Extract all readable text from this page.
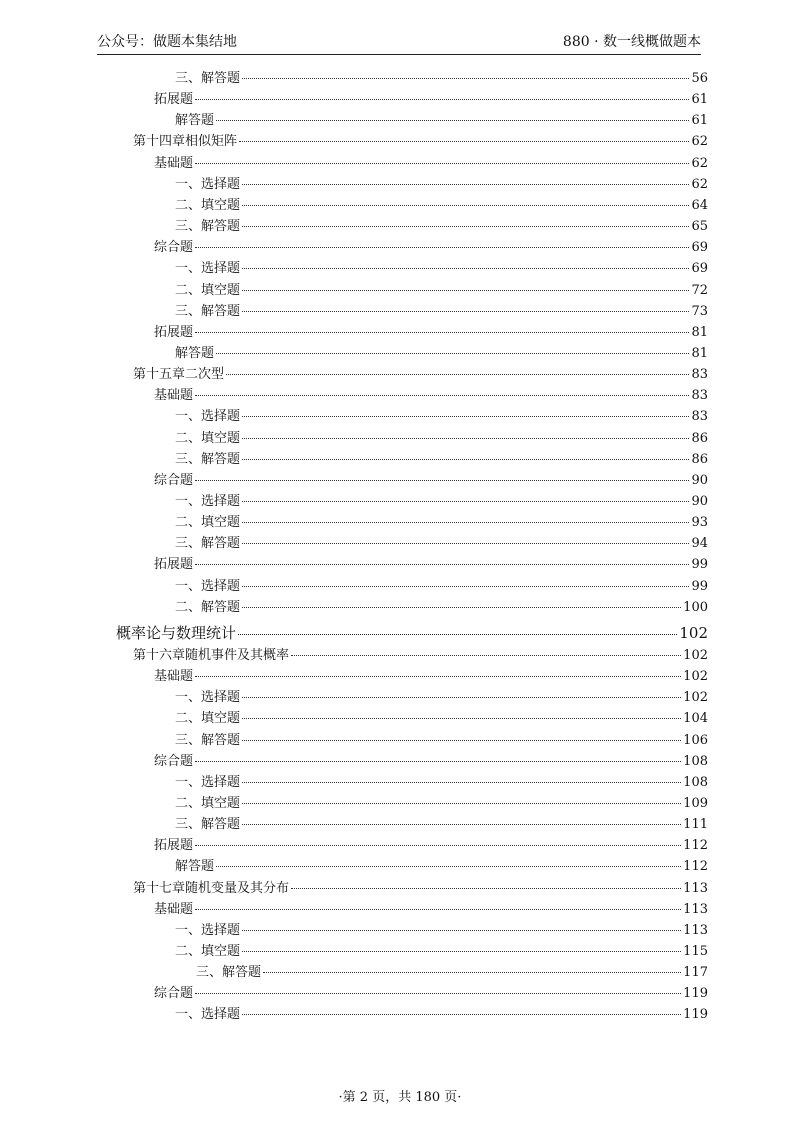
公众号：做题本集结地	880 · 数一线概做题本
三、解答题	56
拓展题	61
解答题	61
第十四章相似矩阵	62
基础题	62
一、选择题	62
二、填空题	64
三、解答题	65
综合题	69
一、选择题	69
二、填空题	72
三、解答题	73
拓展题	81
解答题	81
第十五章二次型	83
基础题	83
一、选择题	83
二、填空题	86
三、解答题	86
综合题	90
一、选择题	90
二、填空题	93
三、解答题	94
拓展题	99
一、选择题	99
二、解答题	100
概率论与数理统计	102
第十六章随机事件及其概率	102
基础题	102
一、选择题	102
二、填空题	104
三、解答题	106
综合题	108
一、选择题	108
二、填空题	109
三、解答题	111
拓展题	112
解答题	112
第十七章随机变量及其分布	113
基础题	113
一、选择题	113
二、填空题	115
三、解答题	117
综合题	119
一、选择题	119
·第 2 页，共 180 页·
